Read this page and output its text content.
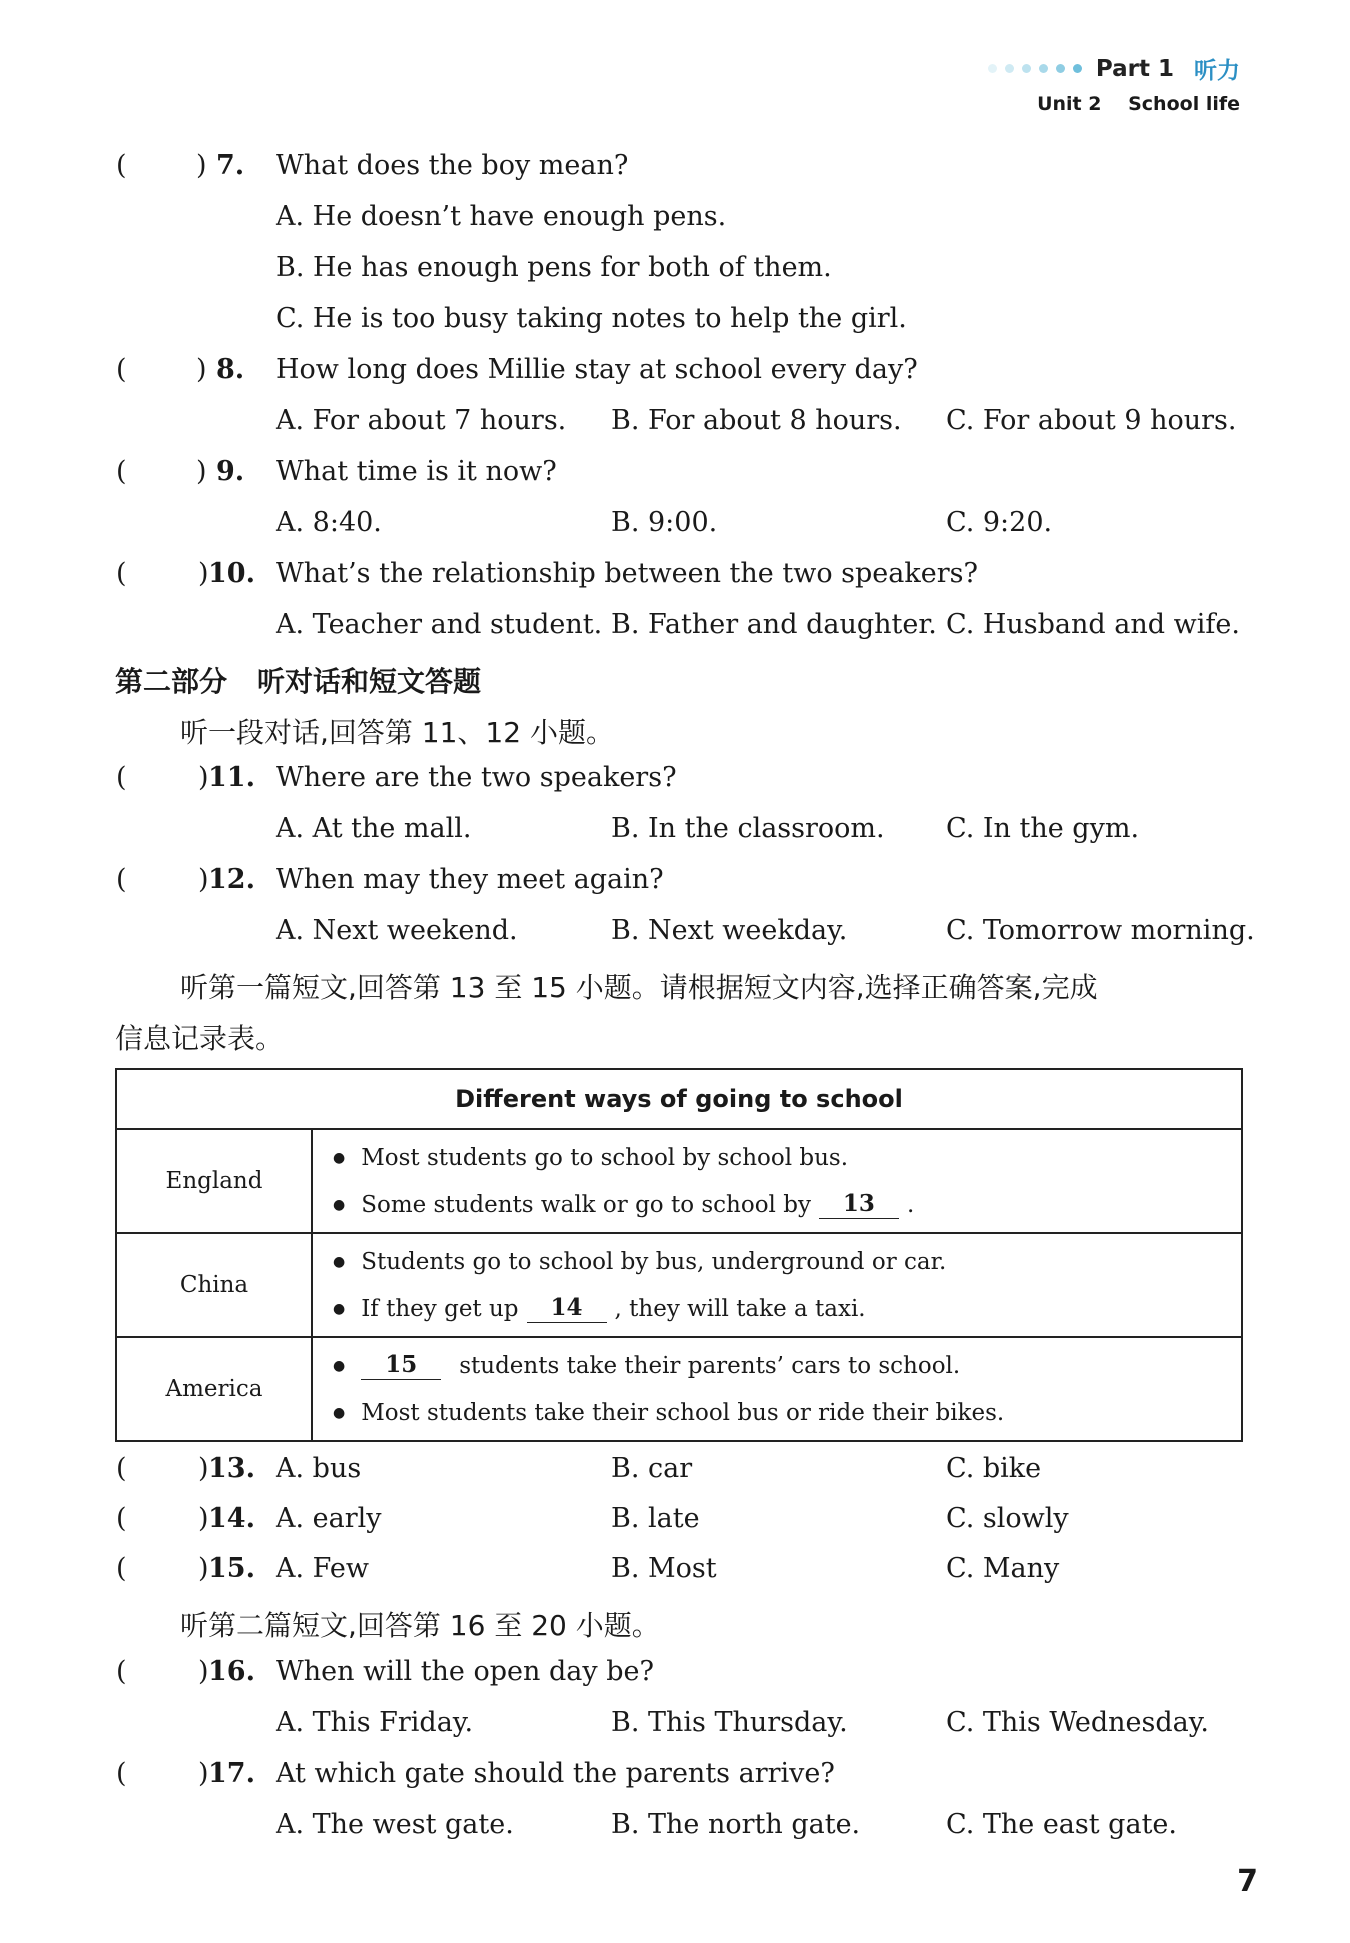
Part 1 听力
Unit 2 School life
(	) 7. What does the boy mean?
A. He doesn’t have enough pens.
B. He has enough pens for both of them.
C. He is too busy taking notes to help the girl.
(	) 8. How long does Millie stay at school every day?
A. For about 7 hours. B. For about 8 hours. C. For about 9 hours.
(	) 9. What time is it now?
A. 8:40.	B. 9:00.	C. 9:20.
(	) 10. What’s the relationship between the two speakers?
A. Teacher and student. B. Father and daughter. C. Husband and wife.
第二部分 听对话和短文答题
听一段对话,回答第 11、12 小题。
(	) 11. Where are the two speakers?
A. At the mall.	B. In the classroom. C. In the gym.
(	) 12. When may they meet again?
A. Next weekend.	B. Next weekday.	C. Tomorrow morning.
听第一篇短文,回答第 13 至 15 小题。请根据短文内容,选择正确答案,完成
信息记录表。
Different ways of going to school	
England	● Most students go to school by school bus.
● Some students walk or go to school by 13 .

China	● Students go to school by bus, underground or car.
● If they get up 14 , they will take a taxi.

America	● 15 students take their parents’ cars to school.
● Most students take their school bus or ride their bikes.
(	) 13. A. bus	B. car	C. bike
(	) 14. A. early	B. late	C. slowly
(	) 15. A. Few	B. Most	C. Many
听第二篇短文,回答第 16 至 20 小题。
(	) 16. When will the open day be?
A. This Friday.	B. This Thursday.	C. This Wednesday.
(	) 17. At which gate should the parents arrive?
A. The west gate.	B. The north gate.	C. The east gate.
7
